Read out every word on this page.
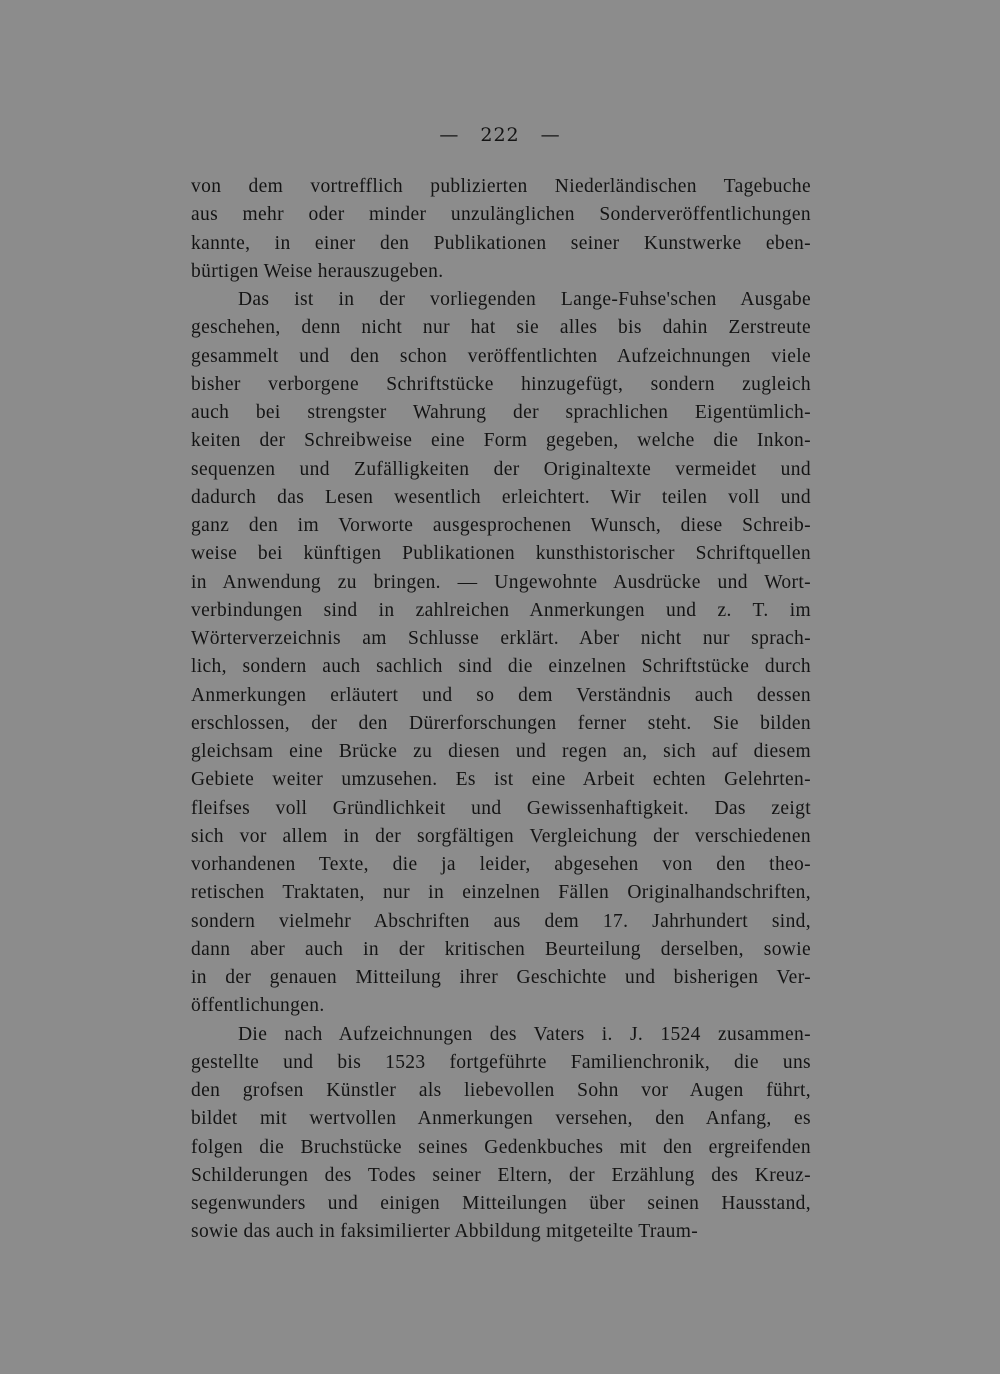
— 222 —
von dem vortrefflich publizierten Niederländischen Tagebuche
aus mehr oder minder unzulänglichen Sonderveröffentlichungen
kannte, in einer den Publikationen seiner Kunstwerke eben-
bürtigen Weise herauszugeben.
Das ist in der vorliegenden Lange-Fuhse'schen Ausgabe
geschehen, denn nicht nur hat sie alles bis dahin Zerstreute
gesammelt und den schon veröffentlichten Aufzeichnungen viele
bisher verborgene Schriftstücke hinzugefügt, sondern zugleich
auch bei strengster Wahrung der sprachlichen Eigentümlich-
keiten der Schreibweise eine Form gegeben, welche die Inkon-
sequenzen und Zufälligkeiten der Originaltexte vermeidet und
dadurch das Lesen wesentlich erleichtert. Wir teilen voll und
ganz den im Vorworte ausgesprochenen Wunsch, diese Schreib-
weise bei künftigen Publikationen kunsthistorischer Schriftquellen
in Anwendung zu bringen. — Ungewohnte Ausdrücke und Wort-
verbindungen sind in zahlreichen Anmerkungen und z. T. im
Wörterverzeichnis am Schlusse erklärt. Aber nicht nur sprach-
lich, sondern auch sachlich sind die einzelnen Schriftstücke durch
Anmerkungen erläutert und so dem Verständnis auch dessen
erschlossen, der den Dürerforschungen ferner steht. Sie bilden
gleichsam eine Brücke zu diesen und regen an, sich auf diesem
Gebiete weiter umzusehen. Es ist eine Arbeit echten Gelehrten-
fleifses voll Gründlichkeit und Gewissenhaftigkeit. Das zeigt
sich vor allem in der sorgfältigen Vergleichung der verschiedenen
vorhandenen Texte, die ja leider, abgesehen von den theo-
retischen Traktaten, nur in einzelnen Fällen Originalhandschriften,
sondern vielmehr Abschriften aus dem 17. Jahrhundert sind,
dann aber auch in der kritischen Beurteilung derselben, sowie
in der genauen Mitteilung ihrer Geschichte und bisherigen Ver-
öffentlichungen.
Die nach Aufzeichnungen des Vaters i. J. 1524 zusammen-
gestellte und bis 1523 fortgeführte Familienchronik, die uns
den grofsen Künstler als liebevollen Sohn vor Augen führt,
bildet mit wertvollen Anmerkungen versehen, den Anfang, es
folgen die Bruchstücke seines Gedenkbuches mit den ergreifenden
Schilderungen des Todes seiner Eltern, der Erzählung des Kreuz-
segenwunders und einigen Mitteilungen über seinen Hausstand,
sowie das auch in faksimilierter Abbildung mitgeteilte Traum-
